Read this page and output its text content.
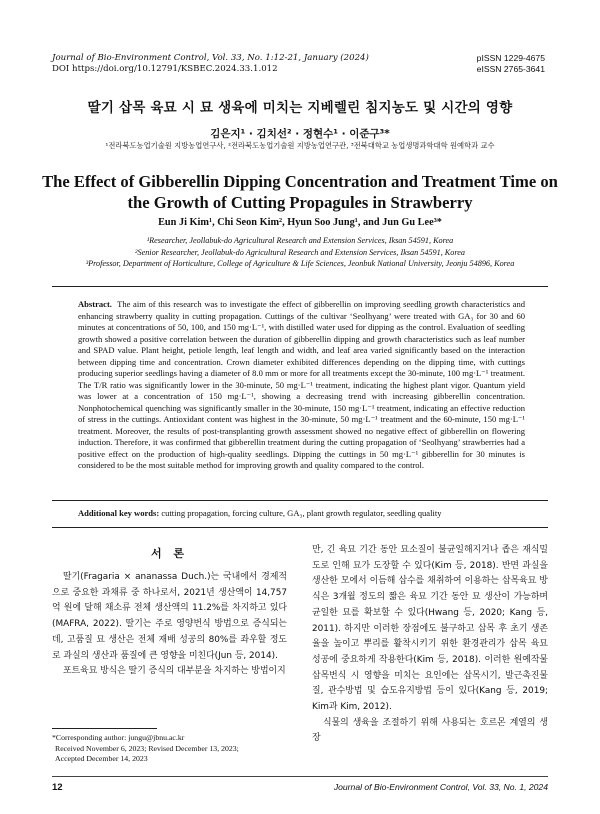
Journal of Bio-Environment Control, Vol. 33, No. 1:12-21, January (2024)
DOI https://doi.org/10.12791/KSBEC.2024.33.1.012
pISSN 1229-4675
eISSN 2765-3641
딸기 삽목 육묘 시 묘 생육에 미치는 지베렐린 침지농도 및 시간의 영향
김은지¹ · 김치선² · 정현수¹ · 이준구³*
¹전라북도농업기술원 지방농업연구사, ²전라북도농업기술원 지방농업연구관, ³전북대학교 농업생명과학대학 원예학과 교수
The Effect of Gibberellin Dipping Concentration and Treatment Time on the Growth of Cutting Propagules in Strawberry
Eun Ji Kim¹, Chi Seon Kim², Hyun Soo Jung¹, and Jun Gu Lee³*
¹Researcher, Jeollabuk-do Agricultural Research and Extension Services, Iksan 54591, Korea
²Senior Researcher, Jeollabuk-do Agricultural Research and Extension Services, Iksan 54591, Korea
³Professor, Department of Horticulture, College of Agriculture & Life Sciences, Jeonbuk National University, Jeonju 54896, Korea
Abstract. The aim of this research was to investigate the effect of gibberellin on improving seedling growth characteristics and enhancing strawberry quality in cutting propagation. Cuttings of the cultivar ‘Seolhyang’ were treated with GA₃ for 30 and 60 minutes at concentrations of 50, 100, and 150 mg·L⁻¹, with distilled water used for dipping as the control. Evaluation of seedling growth showed a positive correlation between the duration of gibberellin dipping and growth characteristics such as leaf number and SPAD value. Plant height, petiole length, leaf length and width, and leaf area varied significantly based on the interaction between dipping time and concentration. Crown diameter exhibited differences depending on the dipping time, with cuttings producing superior seedlings having a diameter of 8.0 mm or more for all treatments except the 30-minute, 100 mg·L⁻¹ treatment. The T/R ratio was significantly lower in the 30-minute, 50 mg·L⁻¹ treatment, indicating the highest plant vigor. Quantum yield was lower at a concentration of 150 mg·L⁻¹, showing a decreasing trend with increasing gibberellin concentration. Nonphotochemical quenching was significantly smaller in the 30-minute, 150 mg·L⁻¹ treatment, indicating an effective reduction of stress in the cuttings. Antioxidant content was highest in the 30-minute, 50 mg·L⁻¹ treatment and the 60-minute, 150 mg·L⁻¹ treatment. Moreover, the results of post-transplanting growth assessment showed no negative effect of gibberellin on flowering induction. Therefore, it was confirmed that gibberellin treatment during the cutting propagation of ‘Seolhyang’ strawberries had a positive effect on the production of high-quality seedlings. Dipping the cuttings in 50 mg·L⁻¹ gibberellin for 30 minutes is considered to be the most suitable method for improving growth and quality compared to the control.
Additional key words: cutting propagation, forcing culture, GA₃, plant growth regulator, seedling quality
서 론

딸기(Fragaria × ananassa Duch.)는 국내에서 경제적으로 중요한 과채류 중 하나로서, 2021년 생산액이 14,757억 원에 달해 채소류 전체 생산액의 11.2%를 차지하고 있다(MAFRA, 2022). 딸기는 주로 영양번식 방법으로 증식되는데, 고품질 묘 생산은 전체 재배 성공의 80%를 좌우할 정도로 과실의 생산과 품질에 큰 영향을 미친다(Jun 등, 2014).

포트육묘 방식은 딸기 증식의 대부분을 차지하는 방법이지

만, 긴 육묘 기간 동안 묘소질이 불균일해지거나 좁은 재식밀도로 인해 묘가 도장할 수 있다(Kim 등, 2018). 반면 과실을 생산한 모에서 이듬해 삽수를 채취하여 이용하는 삽목육묘 방식은 3개월 정도의 짧은 육묘 기간 동안 묘 생산이 가능하며 균일한 묘를 확보할 수 있다(Hwang 등, 2020; Kang 등, 2011). 하지만 이러한 장점에도 불구하고 삽목 후 초기 생존율을 높이고 뿌리를 활착시키기 위한 환경관리가 삽목 육묘 성공에 중요하게 작용한다(Kim 등, 2018). 이러한 원예작물 삽목번식 시 영향을 미치는 요인에는 삽목시기, 발근촉진물질, 관수방법 및 습도유지방법 등이 있다(Kang 등, 2019; Kim과 Kim, 2012).

식물의 생육을 조절하기 위해 사용되는 호르몬 계열의 생장

*Corresponding author: jungu@jbnu.ac.kr
Received November 6, 2023; Revised December 13, 2023;
Accepted December 14, 2023
12	Journal of Bio-Environment Control, Vol. 33, No. 1, 2024
